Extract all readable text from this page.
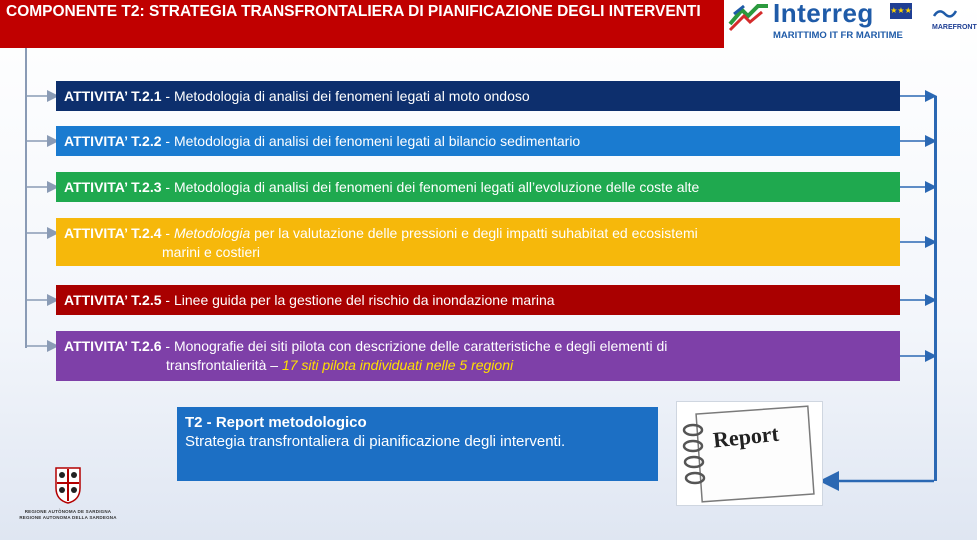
COMPONENTE T2: STRATEGIA TRANSFRONTALIERA DI PIANIFICAZIONE DEGLI INTERVENTI	Interreg ★★★
MARITTIMO IT FR MARITIME
MAREFRONT
ATTIVITA’ T.2.1 - Metodologia di analisi dei fenomeni legati al moto ondoso
ATTIVITA’ T.2.2 - Metodologia di analisi dei fenomeni legati al bilancio sedimentario
ATTIVITA’ T.2.3 - Metodologia di analisi dei fenomeni dei fenomeni legati all’evoluzione delle coste alte
ATTIVITA’ T.2.4 - Metodologia per la valutazione delle pressioni e degli impatti suhabitat ed ecosistemi
marini e costieri
ATTIVITA’ T.2.5 - Linee guida per la gestione del rischio da inondazione marina
ATTIVITA’ T.2.6 - Monografie dei siti pilota con descrizione delle caratteristiche e degli elementi di
transfrontalierità – 17 siti pilota individuati nelle 5 regioni
T2 - Report metodologico
Strategia transfrontaliera di pianificazione degli interventi.	Report
REGIONE AUTÒNOMA DE SARDIGNA
REGIONE AUTONOMA DELLA SARDEGNA
